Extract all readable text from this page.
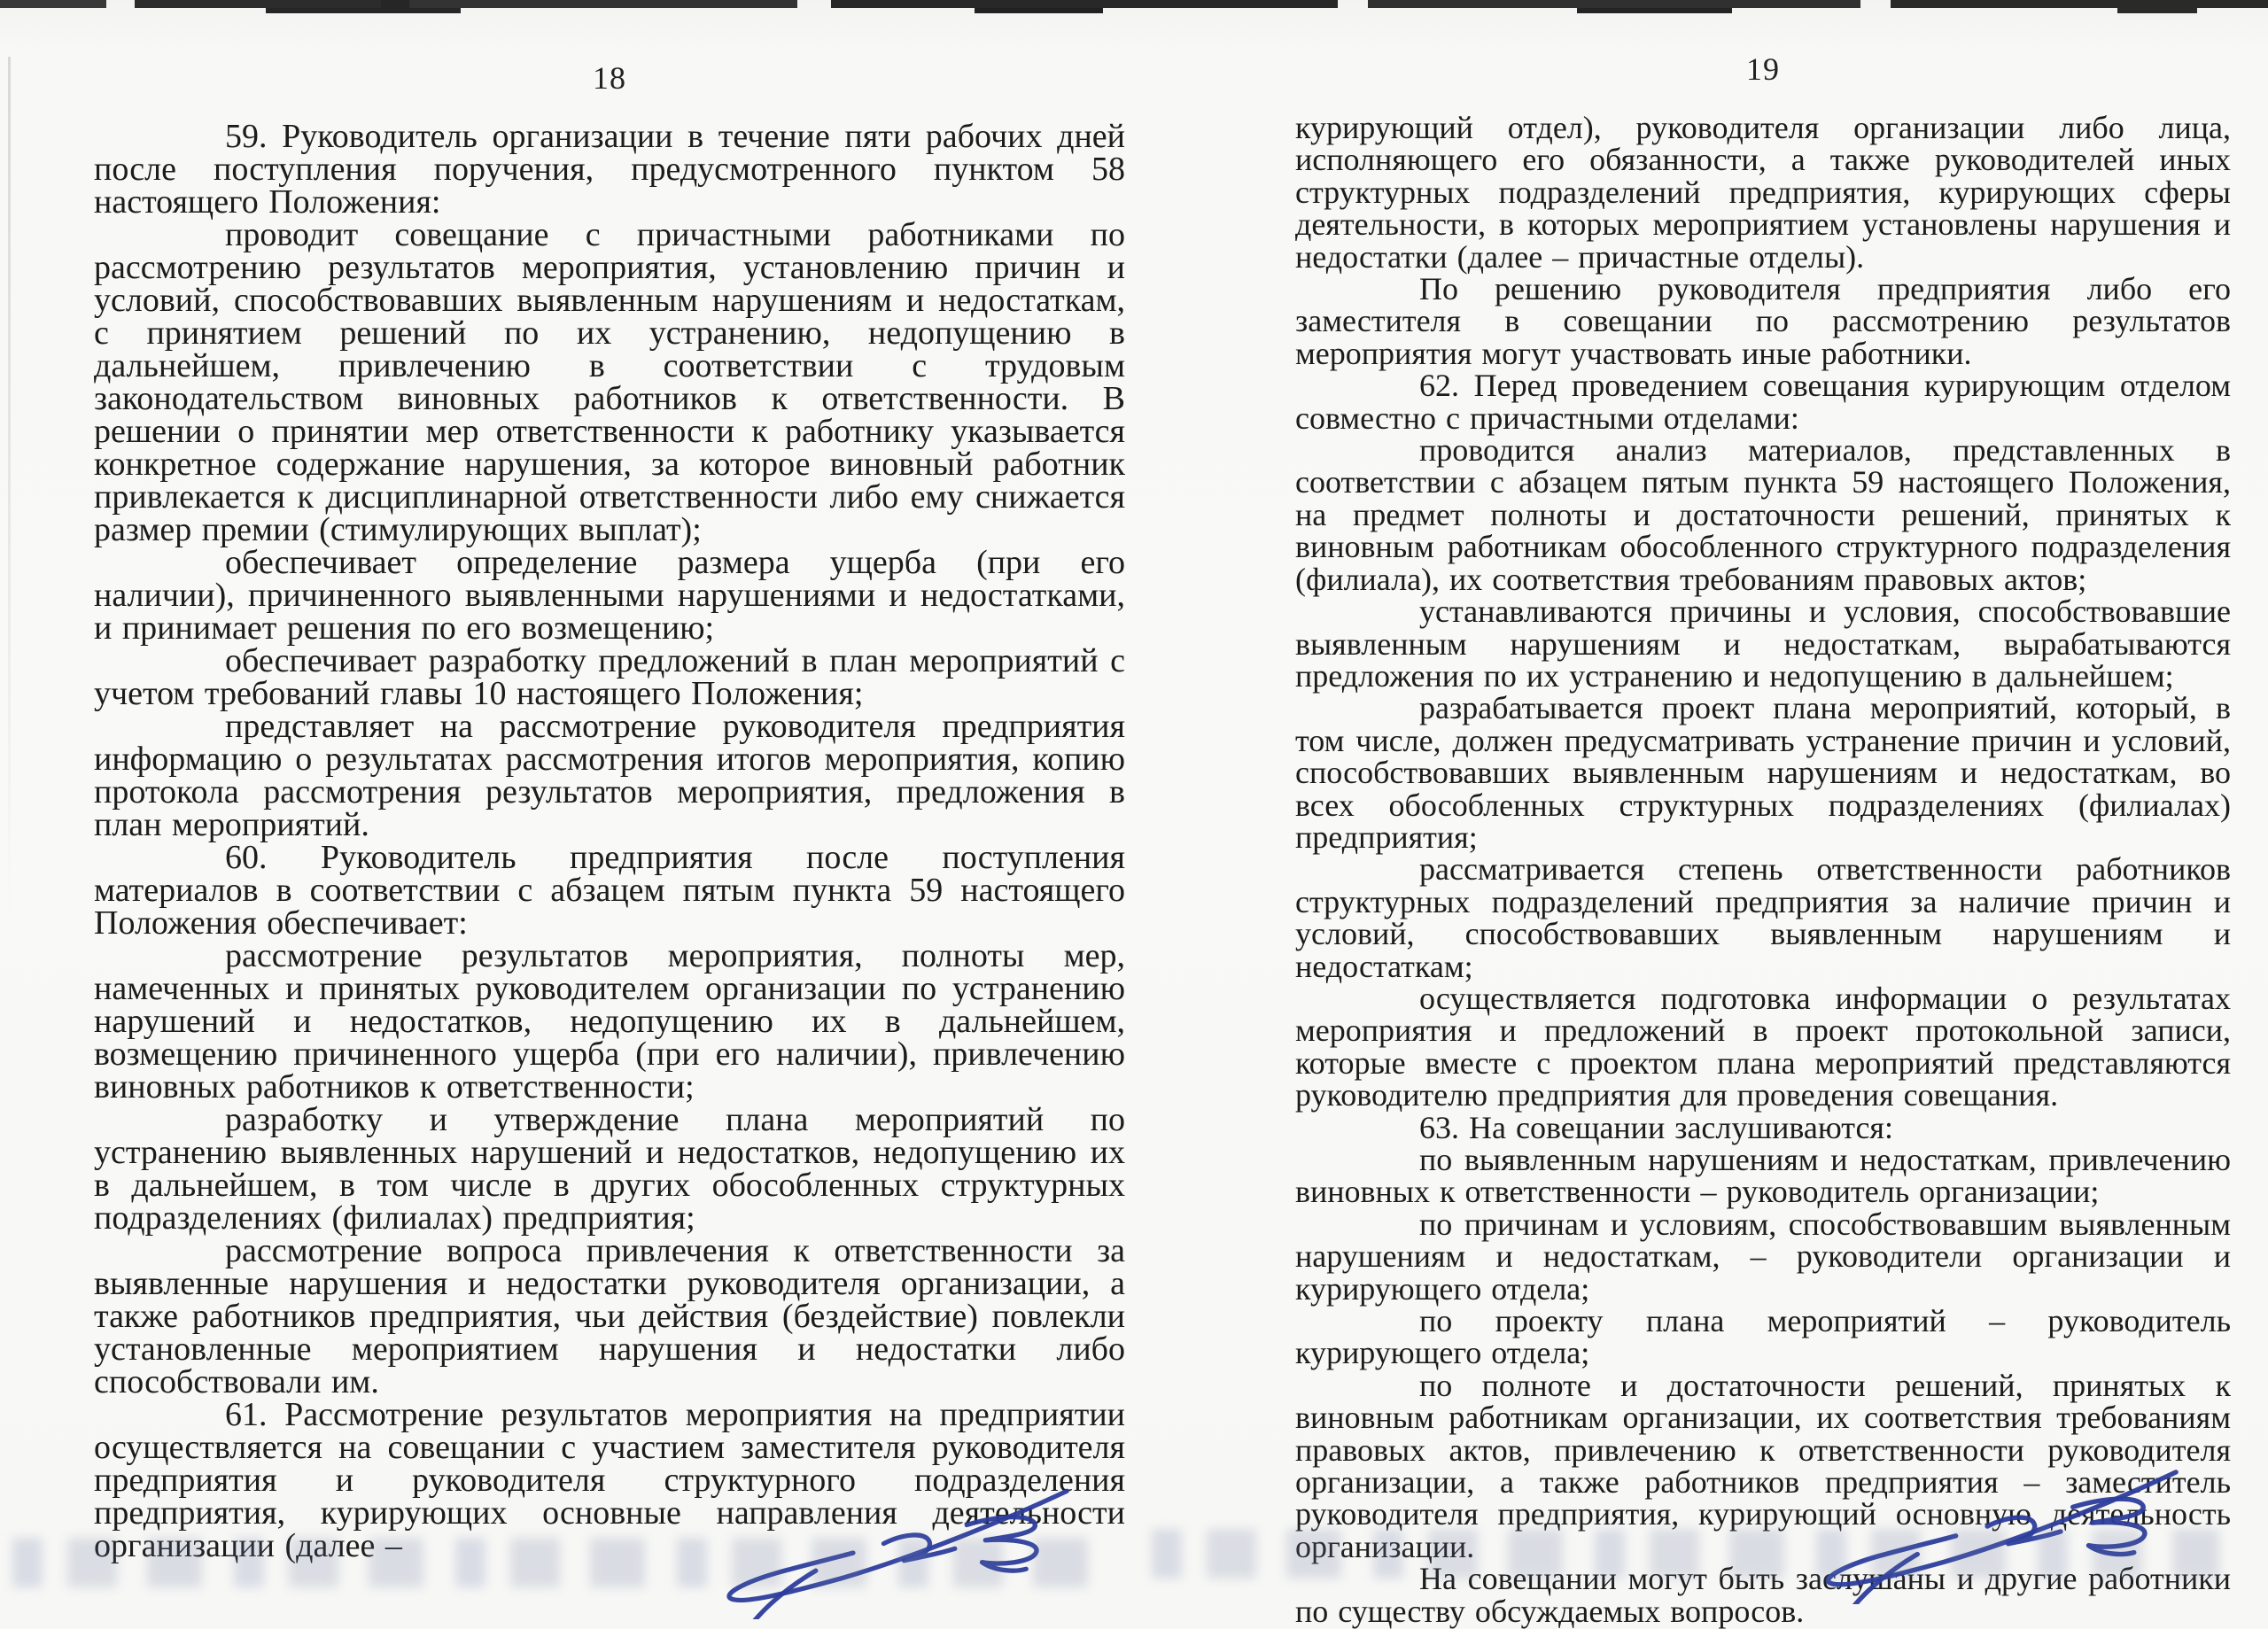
18

59. Руководитель организации в течение пяти рабочих дней после поступления поручения, предусмотренного пунктом 58 настоящего Положения:

проводит совещание с причастными работниками по рассмотрению результатов мероприятия, установлению причин и условий, способствовавших выявленным нарушениям и недостаткам, с принятием решений по их устранению, недопущению в дальнейшем, привлечению в соответствии с трудовым законодательством виновных работников к ответственности. В решении о принятии мер ответственности к работнику указывается конкретное содержание нарушения, за которое виновный работник привлекается к дисциплинарной ответственности либо ему снижается размер премии (стимулирующих выплат);

обеспечивает определение размера ущерба (при его наличии), причиненного выявленными нарушениями и недостатками, и принимает решения по его возмещению;

обеспечивает разработку предложений в план мероприятий с учетом требований главы 10 настоящего Положения;

представляет на рассмотрение руководителя предприятия информацию о результатах рассмотрения итогов мероприятия, копию протокола рассмотрения результатов мероприятия, предложения в план мероприятий.

60. Руководитель предприятия после поступления материалов в соответствии с абзацем пятым пункта 59 настоящего Положения обеспечивает:

рассмотрение результатов мероприятия, полноты мер, намеченных и принятых руководителем организации по устранению нарушений и недостатков, недопущению их в дальнейшем, возмещению причиненного ущерба (при его наличии), привлечению виновных работников к ответственности;

разработку и утверждение плана мероприятий по устранению выявленных нарушений и недостатков, недопущению их в дальнейшем, в том числе в других обособленных структурных подразделениях (филиалах) предприятия;

рассмотрение вопроса привлечения к ответственности за выявленные нарушения и недостатки руководителя организации, а также работников предприятия, чьи действия (бездействие) повлекли установленные мероприятием нарушения и недостатки либо способствовали им.

61. Рассмотрение результатов мероприятия на предприятии осуществляется на совещании с участием заместителя руководителя предприятия и руководителя структурного подразделения предприятия, курирующих основные направления деятельности организации (далее –

19

курирующий отдел), руководителя организации либо лица, исполняющего его обязанности, а также руководителей иных структурных подразделений предприятия, курирующих сферы деятельности, в которых мероприятием установлены нарушения и недостатки (далее – причастные отделы).

По решению руководителя предприятия либо его заместителя в совещании по рассмотрению результатов мероприятия могут участвовать иные работники.

62. Перед проведением совещания курирующим отделом совместно с причастными отделами:

проводится анализ материалов, представленных в соответствии с абзацем пятым пункта 59 настоящего Положения, на предмет полноты и достаточности решений, принятых к виновным работникам обособленного структурного подразделения (филиала), их соответствия требованиям правовых актов;

устанавливаются причины и условия, способствовавшие выявленным нарушениям и недостаткам, вырабатываются предложения по их устранению и недопущению в дальнейшем;

разрабатывается проект плана мероприятий, который, в том числе, должен предусматривать устранение причин и условий, способствовавших выявленным нарушениям и недостаткам, во всех обособленных структурных подразделениях (филиалах) предприятия;

рассматривается степень ответственности работников структурных подразделений предприятия за наличие причин и условий, способствовавших выявленным нарушениям и недостаткам;

осуществляется подготовка информации о результатах мероприятия и предложений в проект протокольной записи, которые вместе с проектом плана мероприятий представляются руководителю предприятия для проведения совещания.

63. На совещании заслушиваются:

по выявленным нарушениям и недостаткам, привлечению виновных к ответственности – руководитель организации;

по причинам и условиям, способствовавшим выявленным нарушениям и недостаткам, – руководители организации и курирующего отдела;

по проекту плана мероприятий – руководитель курирующего отдела;

по полноте и достаточности решений, принятых к виновным работникам организации, их соответствия требованиям правовых актов, привлечению к ответственности руководителя организации, а также работников предприятия – заместитель руководителя предприятия, курирующий основную деятельность организации.

На совещании могут быть заслушаны и другие работники по существу обсуждаемых вопросов.
